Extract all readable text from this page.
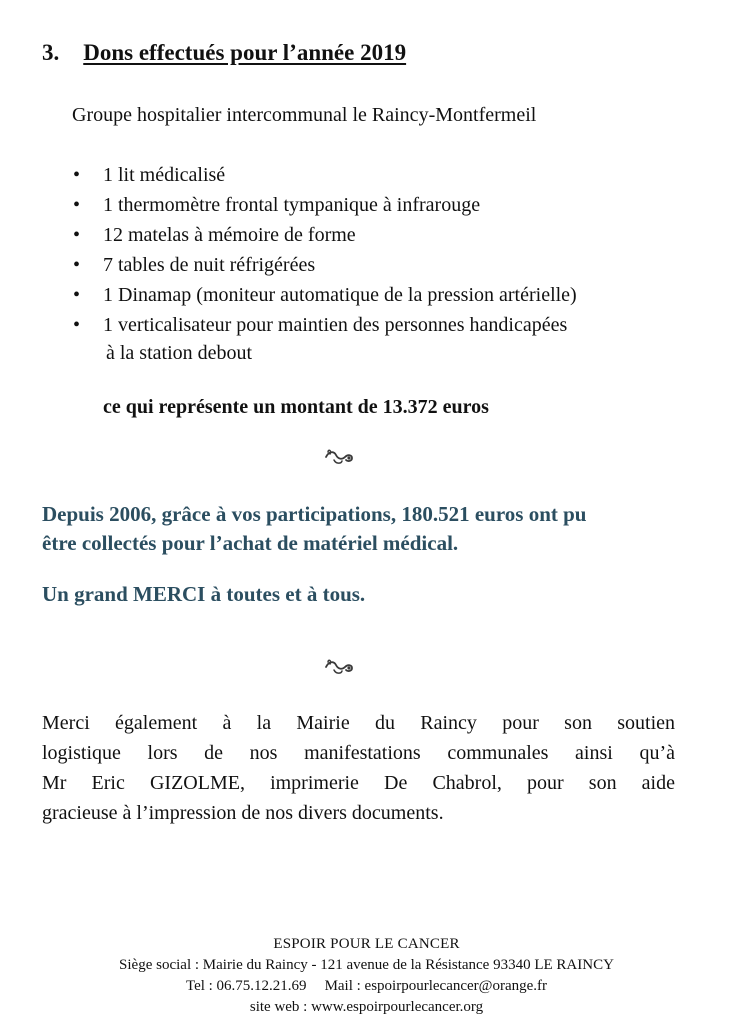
3. Dons effectués pour l’année 2019
Groupe hospitalier intercommunal le Raincy-Montfermeil
• 1 lit médicalisé
• 1 thermomètre frontal tympanique à infrarouge
• 12 matelas à mémoire de forme
• 7 tables de nuit réfrigérées
• 1 Dinamap (moniteur automatique de la pression artérielle)
• 1 verticalisateur pour maintien des personnes handicapées
à la station debout
ce qui représente un montant de 13.372 euros
Depuis 2006, grâce à vos participations, 180.521 euros ont pu
être collectés pour l’achat de matériel médical.
Un grand MERCI à toutes et à tous.

Merci également à la Mairie du Raincy pour son soutien
logistique lors de nos manifestations communales ainsi qu’à
Mr Eric GIZOLME, imprimerie De Chabrol, pour son aide
gracieuse à l’impression de nos divers documents.

ESPOIR POUR LE CANCER
Siège social : Mairie du Raincy - 121 avenue de la Résistance 93340 LE RAINCY
Tel : 06.75.12.21.69 Mail : espoirpourlecancer@orange.fr
site web : www.espoirpourlecancer.org
